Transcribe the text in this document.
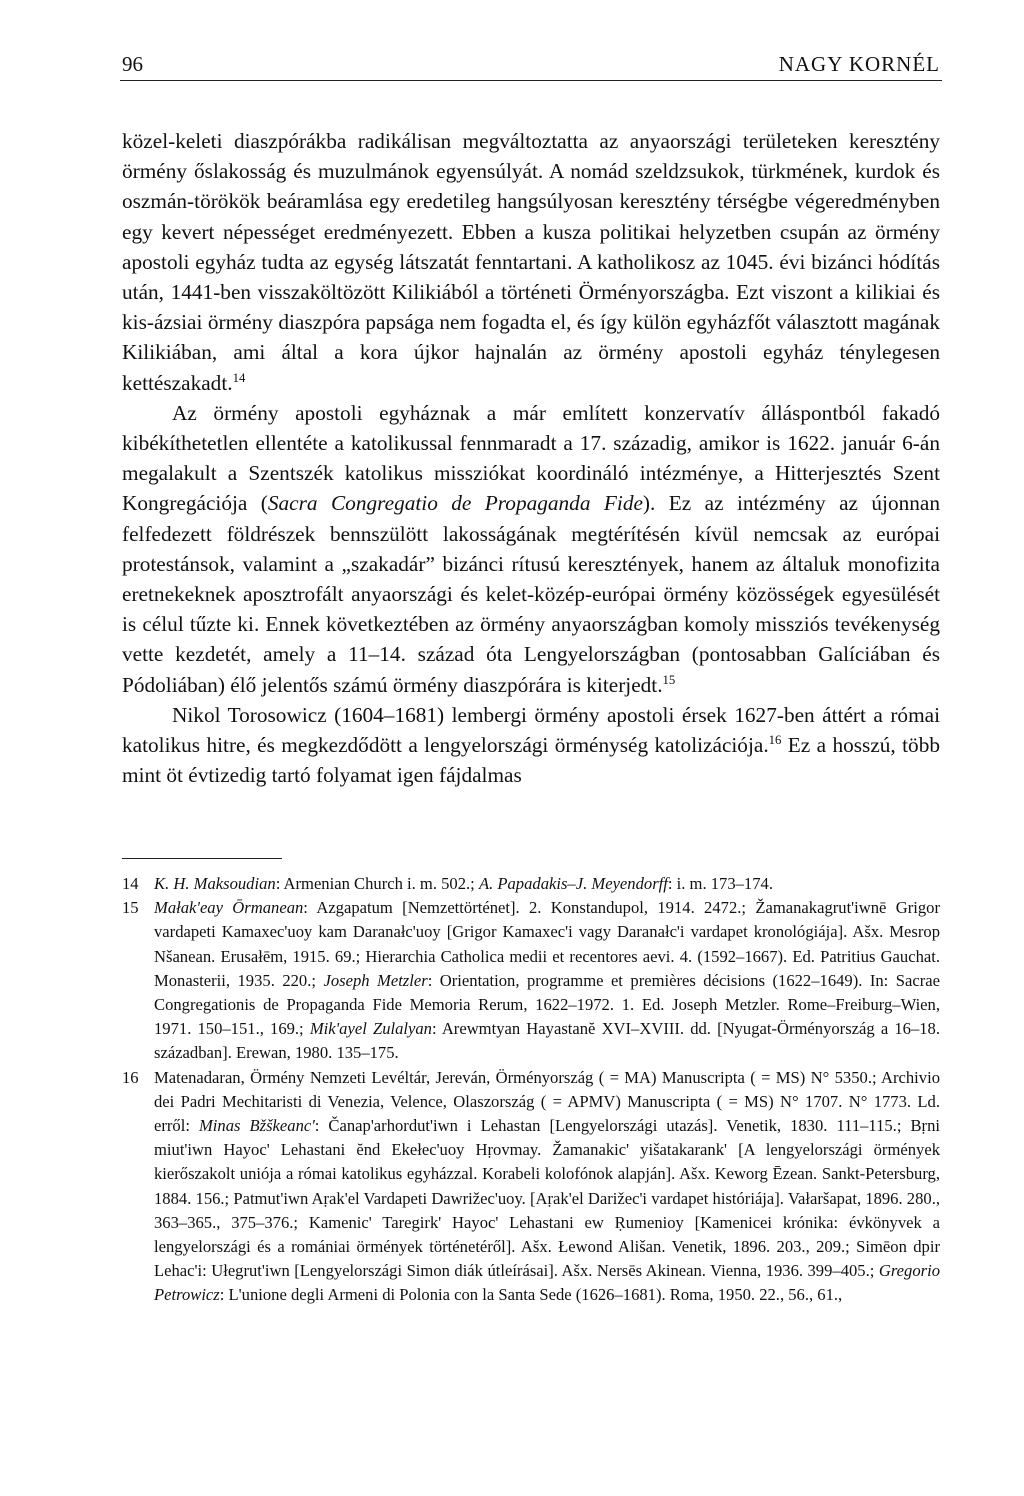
96	NAGY KORNÉL

közel-keleti diaszpórákba radikálisan megváltoztatta az anyaországi területeken keresztény örmény őslakosság és muzulmánok egyensúlyát. A nomád szeldzsukok, türkmének, kurdok és oszmán-törökök beáramlása egy eredetileg hangsúlyosan keresztény térségbe végeredményben egy kevert népességet eredményezett. Ebben a kusza politikai helyzetben csupán az örmény apostoli egyház tudta az egység látszatát fenntartani. A katholikosz az 1045. évi bizánci hódítás után, 1441-ben visszaköltözött Kilikiából a történeti Örményországba. Ezt viszont a kilikiai és kis-ázsiai örmény diaszpóra papsága nem fogadta el, és így külön egyházfőt választott magának Kilikiában, ami által a kora újkor hajnalán az örmény apostoli egyház ténylegesen kettészakadt.$^{14}$

Az örmény apostoli egyháznak a már említett konzervatív álláspontból fakadó kibékíthetetlen ellentéte a katolikussal fennmaradt a 17. századig, amikor is 1622. január 6-án megalakult a Szentszék katolikus missziókat koordináló intézménye, a Hitterjesztés Szent Kongregációja (Sacra Congregatio de Propaganda Fide). Ez az intézmény az újonnan felfedezett földrészek bennszülött lakosságának megtérítésén kívül nemcsak az európai protestánsok, valamint a „szakadár” bizánci rítusú keresztények, hanem az általuk monofizita eretnekeknek aposztrofált anyaországi és kelet-közép-európai örmény közösségek egyesülését is célul tűzte ki. Ennek következtében az örmény anyaországban komoly missziós tevékenység vette kezdetét, amely a 11–14. század óta Lengyelországban (pontosabban Galíciában és Pódoliában) élő jelentős számú örmény diaszpórára is kiterjedt.$^{15}$

Nikol Torosowicz (1604–1681) lembergi örmény apostoli érsek 1627-ben áttért a római katolikus hitre, és megkezdődött a lengyelországi örménység katolizációja.$^{16}$ Ez a hosszú, több mint öt évtizedig tartó folyamat igen fájdalmas

14 K. H. Maksoudian: Armenian Church i. m. 502.; A. Papadakis–J. Meyendorff: i. m. 173–174.

15 Małak'eay Ōrmanean: Azgapatum [Nemzettörténet]. 2. Konstandupol, 1914. 2472.; Žamanakagrut'iwnē Grigor vardapeti Kamaxec'uoy kam Daranałc'uoy [Grigor Kamaxec'i vagy Daranałc'i vardapet kronológiája]. Ašx. Mesrop Nšanean. Erusałēm, 1915. 69.; Hierarchia Catholica medii et recentores aevi. 4. (1592–1667). Ed. Patritius Gauchat. Monasterii, 1935. 220.; Joseph Metzler: Orientation, programme et premières décisions (1622–1649). In: Sacrae Congregationis de Propaganda Fide Memoria Rerum, 1622–1972. 1. Ed. Joseph Metzler. Rome–Freiburg–Wien, 1971. 150–151., 169.; Mik'ayel Zulalyan: Arewmtyan Hayastanĕ XVI–XVIII. dd. [Nyugat-Örményország a 16–18. században]. Erewan, 1980. 135–175.

16 Matenadaran, Örmény Nemzeti Levéltár, Jereván, Örményország ( = MA) Manuscripta ( = MS) N° 5350.; Archivio dei Padri Mechitaristi di Venezia, Velence, Olaszország ( = APMV) Manuscripta ( = MS) N° 1707. N° 1773. Ld. erről: Minas Bžškeanc': Čanap'arhordut'iwn i Lehastan [Lengyelországi utazás]. Venetik, 1830. 111–115.; Bṛni miut'iwn Hayoc' Lehastani ĕnd Ekełec'uoy Hṛovmay. Žamanakic' yišatakarank' [A lengyelországi örmények kierőszakolt uniója a római katolikus egyházzal. Korabeli kolofónok alapján]. Ašx. Keworg Ēzean. Sankt-Petersburg, 1884. 156.; Patmut'iwn Aṛak'el Vardapeti Dawrižec'uoy. [Aṛak'el Darižec'i vardapet históriája]. Vałaršapat, 1896. 280., 363–365., 375–376.; Kamenic' Taregirk' Hayoc' Lehastani ew Ṛumenioy [Kamenicei krónika: évkönyvek a lengyelországi és a romániai örmények történetéről]. Ašx. Łewond Ališan. Venetik, 1896. 203., 209.; Simēon dpir Lehac'i: Ułegrut'iwn [Lengyelországi Simon diák útleírásai]. Ašx. Nersēs Akinean. Vienna, 1936. 399–405.; Gregorio Petrowicz: L'unione degli Armeni di Polonia con la Santa Sede (1626–1681). Roma, 1950. 22., 56., 61.,
